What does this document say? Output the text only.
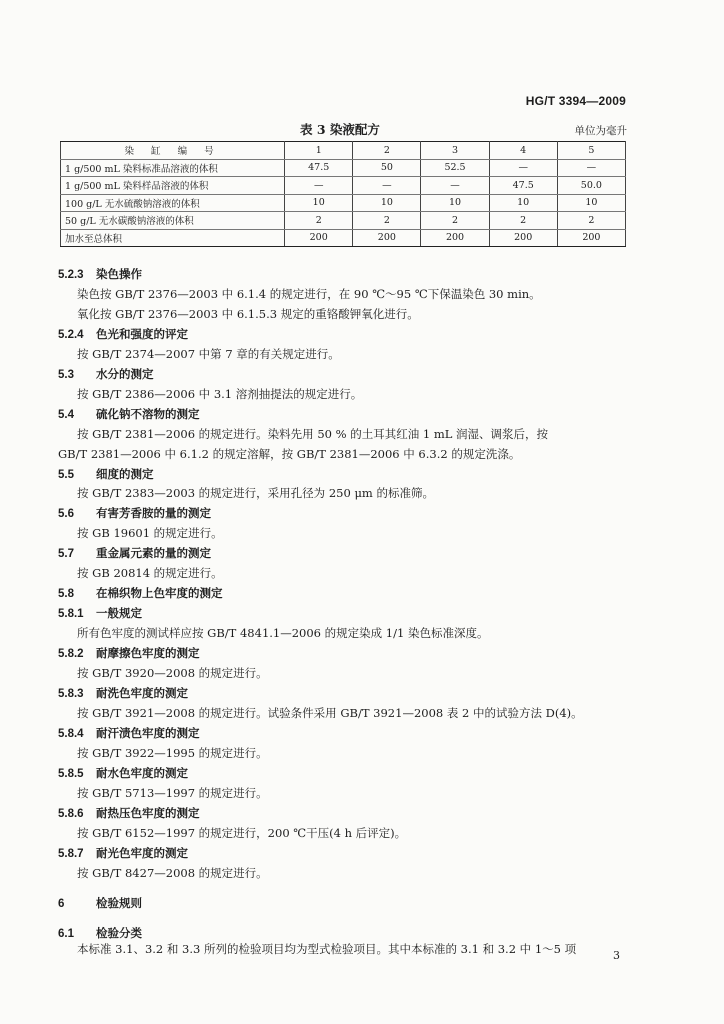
HG/T 3394—2009
表 3 染液配方	单位为毫升
染 缸 编 号	1	2	3	4	5
1 g/500 mL 染料标准品溶液的体积	47.5	50	52.5	—	—
1 g/500 mL 染料样品溶液的体积	—	—	—	47.5	50.0
100 g/L 无水硫酸钠溶液的体积	10	10	10	10	10
50 g/L 无水碳酸钠溶液的体积	2	2	2	2	2
加水至总体积	200	200	200	200	200
5.2.3 染色操作
染色按 GB/T 2376—2003 中 6.1.4 的规定进行，在 90 ℃～95 ℃下保温染色 30 min。
氧化按 GB/T 2376—2003 中 6.1.5.3 规定的重铬酸钾氧化进行。
5.2.4 色光和强度的评定
按 GB/T 2374—2007 中第 7 章的有关规定进行。
5.3 水分的测定
按 GB/T 2386—2006 中 3.1 溶剂抽提法的规定进行。
5.4 硫化钠不溶物的测定
按 GB/T 2381—2006 的规定进行。染料先用 50 % 的土耳其红油 1 mL 润湿、调浆后，按
GB/T 2381—2006 中 6.1.2 的规定溶解，按 GB/T 2381—2006 中 6.3.2 的规定洗涤。
5.5 细度的测定
按 GB/T 2383—2003 的规定进行，采用孔径为 250 μm 的标准筛。
5.6 有害芳香胺的量的测定
按 GB 19601 的规定进行。
5.7 重金属元素的量的测定
按 GB 20814 的规定进行。
5.8 在棉织物上色牢度的测定
5.8.1 一般规定
所有色牢度的测试样应按 GB/T 4841.1—2006 的规定染成 1/1 染色标准深度。
5.8.2 耐摩擦色牢度的测定
按 GB/T 3920—2008 的规定进行。
5.8.3 耐洗色牢度的测定
按 GB/T 3921—2008 的规定进行。试验条件采用 GB/T 3921—2008 表 2 中的试验方法 D(4)。
5.8.4 耐汗渍色牢度的测定
按 GB/T 3922—1995 的规定进行。
5.8.5 耐水色牢度的测定
按 GB/T 5713—1997 的规定进行。
5.8.6 耐热压色牢度的测定
按 GB/T 6152—1997 的规定进行，200 ℃干压(4 h 后评定)。
5.8.7 耐光色牢度的测定
按 GB/T 8427—2008 的规定进行。
6	检验规则
6.1 检验分类
本标准 3.1、3.2 和 3.3 所列的检验项目均为型式检验项目。其中本标准的 3.1 和 3.2 中 1～5 项	3
